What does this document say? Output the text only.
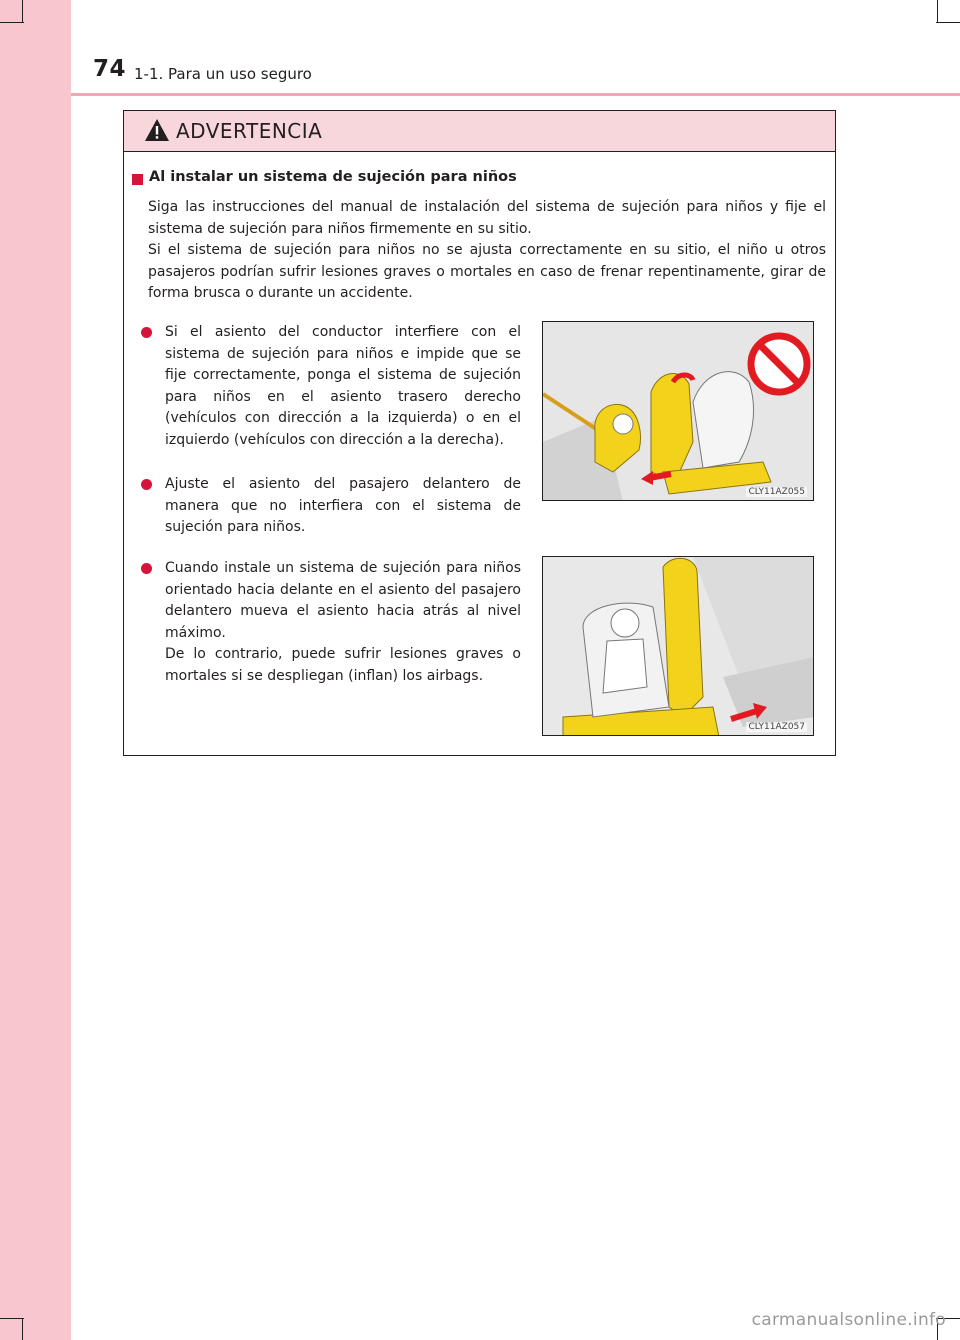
74 1-1. Para un uso seguro
ADVERTENCIA
Al instalar un sistema de sujeción para niños

Siga las instrucciones del manual de instalación del sistema de sujeción para niños y fije el sistema de sujeción para niños firmemente en su sitio.

Si el sistema de sujeción para niños no se ajusta correctamente en su sitio, el niño u otros pasajeros podrían sufrir lesiones graves o mortales en caso de frenar repentinamente, girar de forma brusca o durante un accidente.

Si el asiento del conductor interfiere con el sistema de sujeción para niños e impide que se fije correctamente, ponga el sistema de sujeción para niños en el asiento trasero derecho (vehículos con dirección a la izquierda) o en el izquierdo (vehículos con dirección a la derecha).

Ajuste el asiento del pasajero delantero de manera que no interfiera con el sistema de sujeción para niños.

Cuando instale un sistema de sujeción para niños orientado hacia delante en el asiento del pasajero delantero mueva el asiento hacia atrás al nivel máximo.
De lo contrario, puede sufrir lesiones graves o mortales si se despliegan (inflan) los airbags.

CLY11AZ055
CLY11AZ057
carmanualsonline.info
